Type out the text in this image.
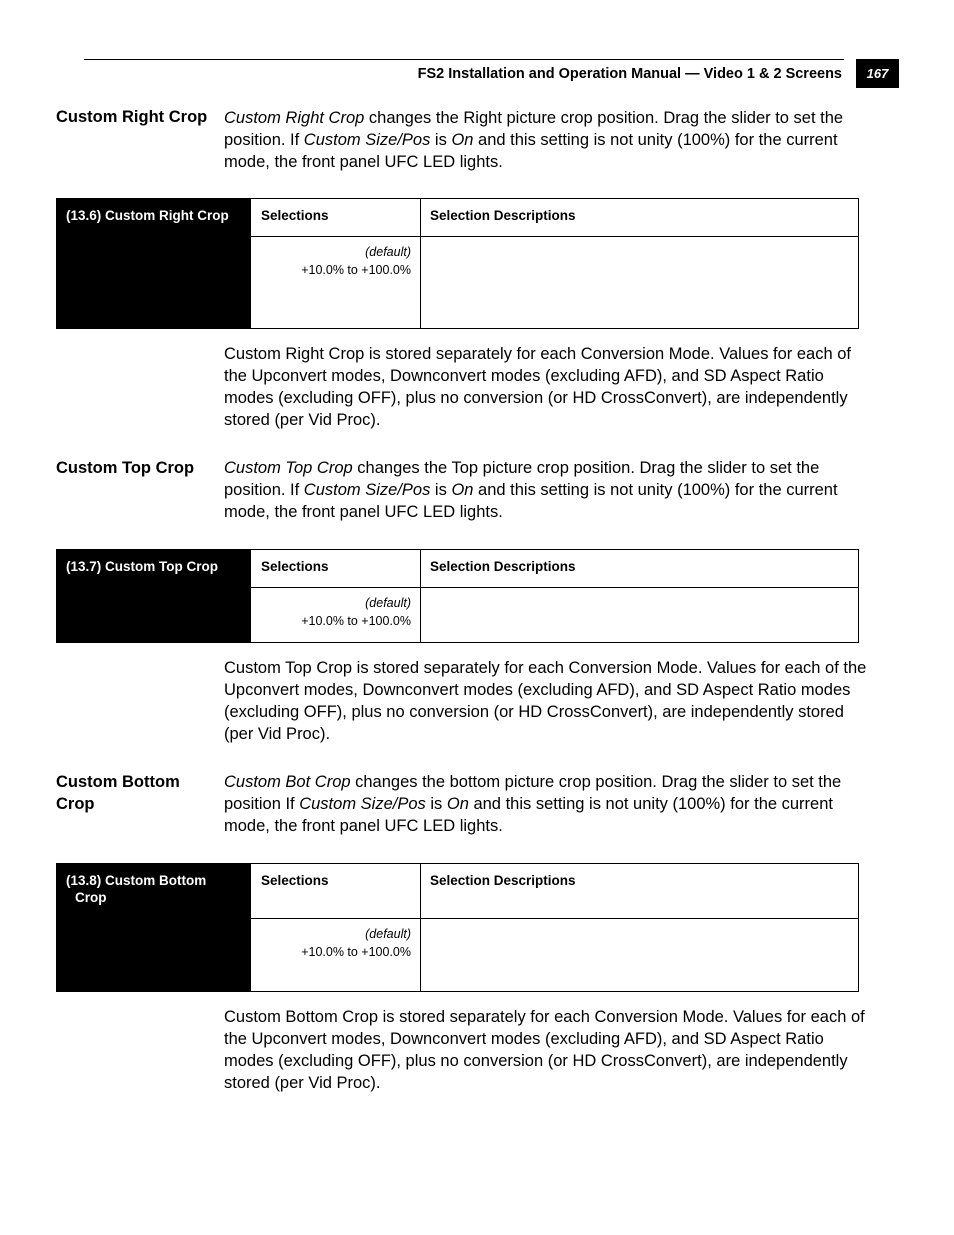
FS2 Installation and Operation Manual — Video 1 & 2 Screens 167
Custom Right Crop Custom Right Crop changes the Right picture crop position. Drag the slider to set the position. If Custom Size/Pos is On and this setting is not unity (100%) for the current mode, the front panel UFC LED lights.
(13.6) Custom Right Crop	Selections	Selection Descriptions
(default)
+10.0% to +100.0%
Custom Right Crop is stored separately for each Conversion Mode. Values for each of the Upconvert modes, Downconvert modes (excluding AFD), and SD Aspect Ratio modes (excluding OFF), plus no conversion (or HD CrossConvert), are independently stored (per Vid Proc).
Custom Top Crop	Custom Top Crop changes the Top picture crop position. Drag the slider to set the position. If Custom Size/Pos is On and this setting is not unity (100%) for the current mode, the front panel UFC LED lights.
(13.7) Custom Top Crop	Selections	Selection Descriptions
(default)
+10.0% to +100.0%
Custom Top Crop is stored separately for each Conversion Mode. Values for each of the Upconvert modes, Downconvert modes (excluding AFD), and SD Aspect Ratio modes (excluding OFF), plus no conversion (or HD CrossConvert), are independently stored (per Vid Proc).
Custom Bottom Crop
Custom Bot Crop changes the bottom picture crop position. Drag the slider to set the position If Custom Size/Pos is On and this setting is not unity (100%) for the current mode, the front panel UFC LED lights.
(13.8) Custom Bottom
Crop
Selections	Selection Descriptions
(default)
+10.0% to +100.0%
Custom Bottom Crop is stored separately for each Conversion Mode. Values for each of the Upconvert modes, Downconvert modes (excluding AFD), and SD Aspect Ratio modes (excluding OFF), plus no conversion (or HD CrossConvert), are independently stored (per Vid Proc).
